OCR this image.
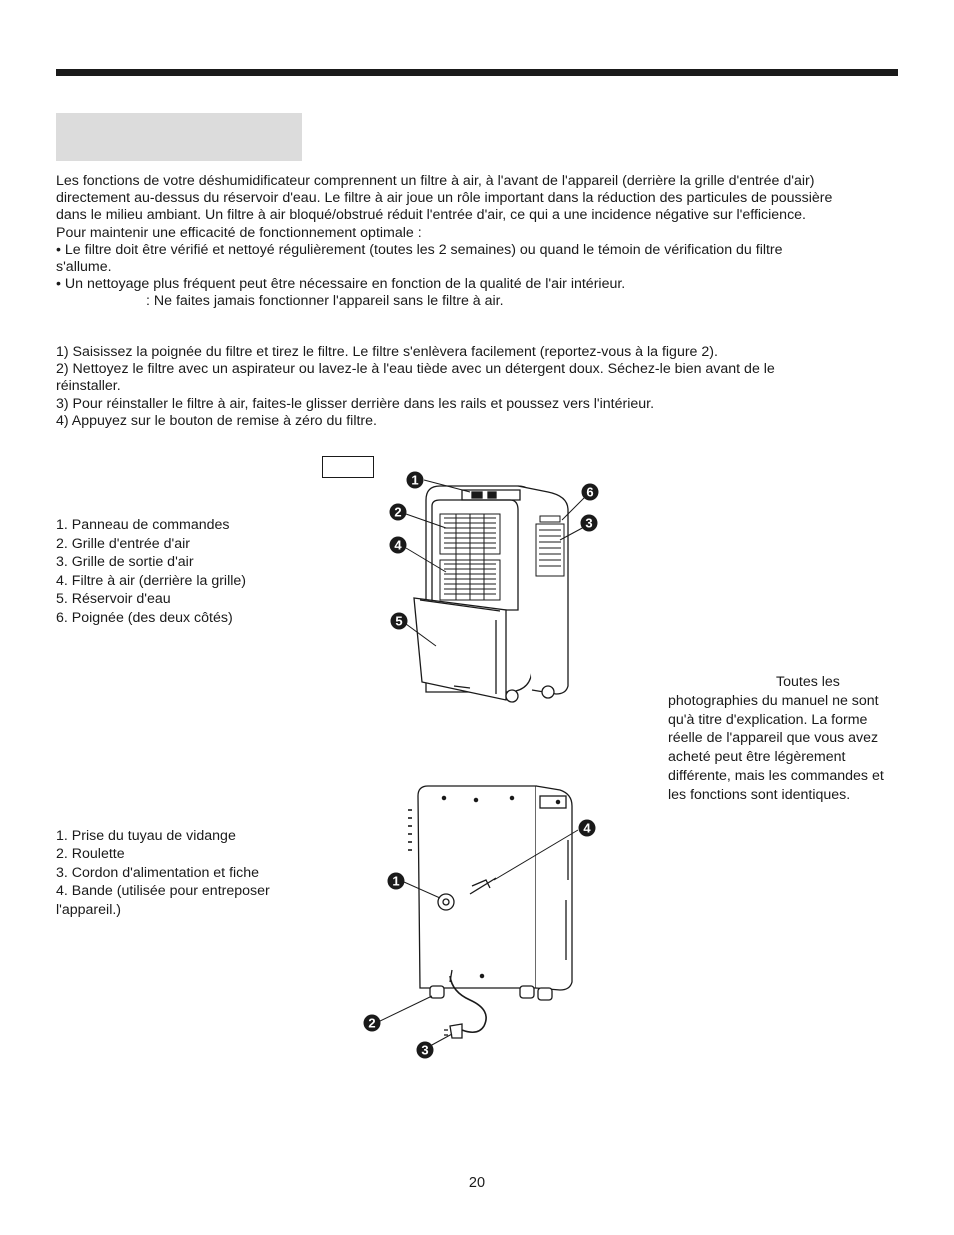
Les fonctions de votre déshumidificateur comprennent un filtre à air, à l'avant de l'appareil (derrière la grille d'entrée d'air)
directement au-dessus du réservoir d'eau. Le filtre à air joue un rôle important dans la réduction des particules de poussière
dans le milieu ambiant. Un filtre à air bloqué/obstrué réduit l'entrée d'air, ce qui a une incidence négative sur l'efficience.
Pour maintenir une efficacité de fonctionnement optimale :
• Le filtre doit être vérifié et nettoyé régulièrement (toutes les 2 semaines) ou quand le témoin de vérification du filtre
s'allume.
• Un nettoyage plus fréquent peut être nécessaire en fonction de la qualité de l'air intérieur.
: Ne faites jamais fonctionner l'appareil sans le filtre à air.
1) Saisissez la poignée du filtre et tirez le filtre. Le filtre s'enlèvera facilement (reportez-vous à la figure 2).
2) Nettoyez le filtre avec un aspirateur ou lavez-le à l'eau tiède avec un détergent doux. Séchez-le bien avant de le
réinstaller.
3) Pour réinstaller le filtre à air, faites-le glisser derrière dans les rails et poussez vers l'intérieur.
4) Appuyez sur le bouton de remise à zéro du filtre.
1. Panneau de commandes
2. Grille d'entrée d'air
3. Grille de sortie d'air
4. Filtre à air (derrière la grille)
5. Réservoir d'eau
6. Poignée (des deux côtés)
1. Prise du tuyau de vidange
2. Roulette
3. Cordon d'alimentation et fiche
4. Bande (utilisée pour entreposer
l'appareil.)

Toutes les
photographies du manuel ne sont qu'à titre d'explication. La forme réelle de l'appareil que vous avez acheté peut être légèrement différente, mais les commandes et les fonctions sont identiques.

1
2
3
4
5
6
1
2
3
4
20
